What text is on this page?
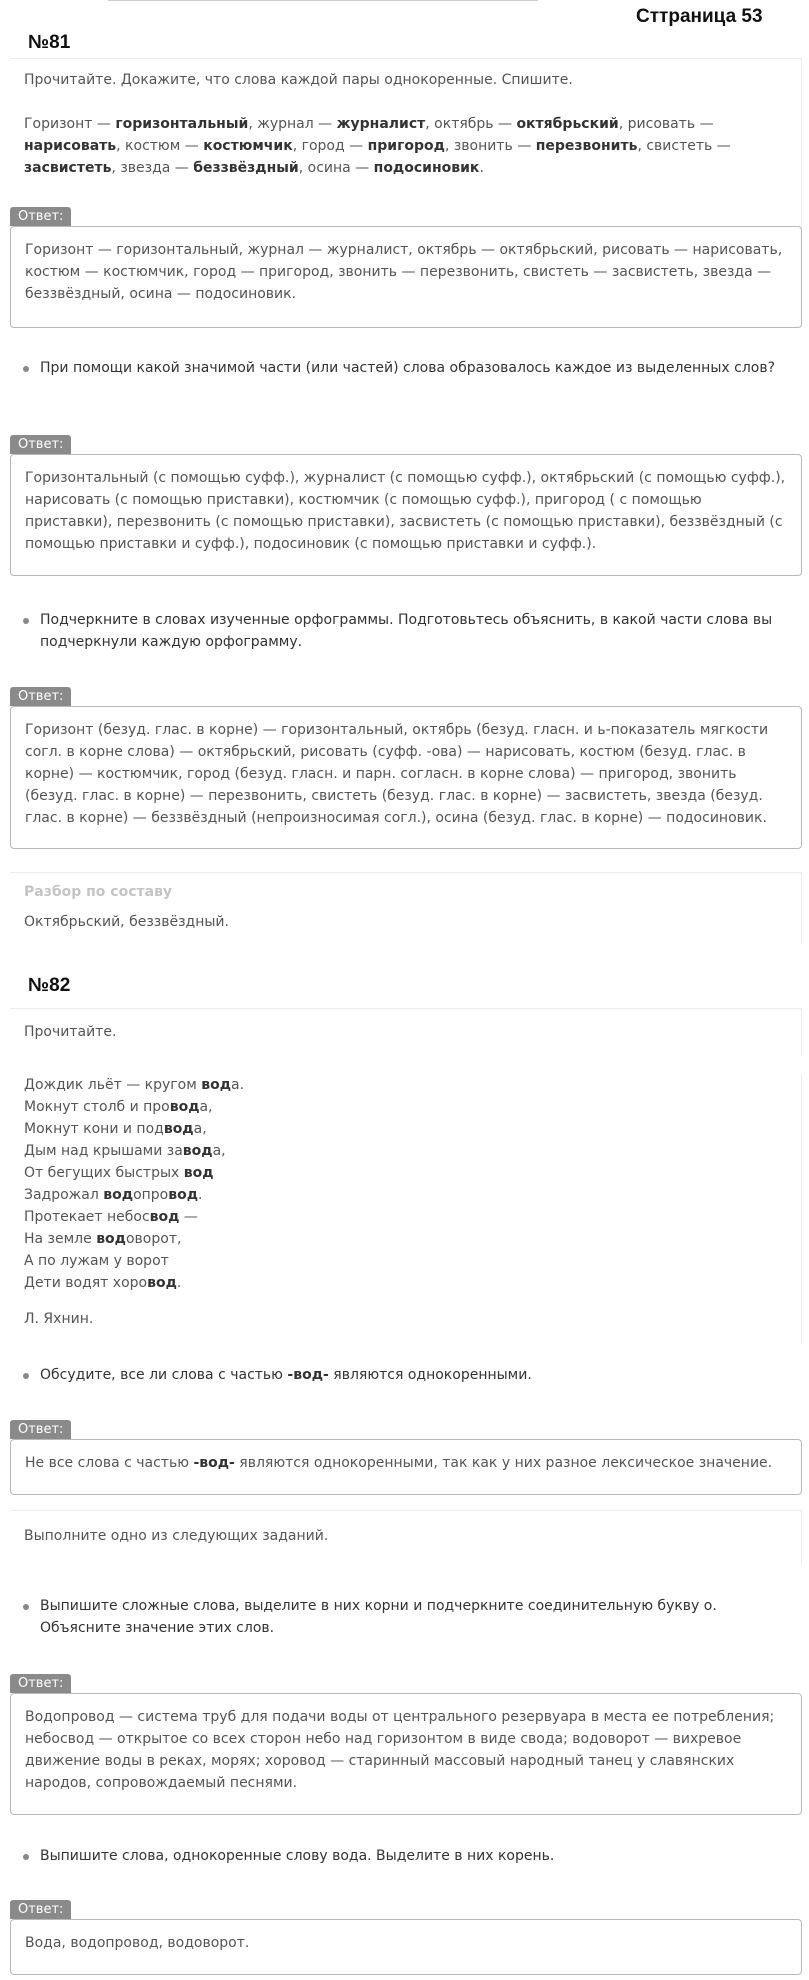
Сттраница 53
№81
Прочитайте. Докажите, что слова каждой пары однокоренные. Спишите.
Горизонт — горизонтальный, журнал — журналист, октябрь — октябрьский, рисовать — нарисовать, костюм — костюмчик, город — пригород, звонить — перезвонить, свистеть — засвистеть, звезда — беззвёздный, осина — подосиновик.
Ответ:
Горизонт — горизонтальный, журнал — журналист, октябрь — октябрьский, рисовать — нарисовать, костюм — костюмчик, город — пригород, звонить — перезвонить, свистеть — засвистеть, звезда — беззвёздный, осина — подосиновик.
При помощи какой значимой части (или частей) слова образовалось каждое из выделенных слов?
Ответ:
Горизонтальный (с помощью суфф.), журналист (с помощью суфф.), октябрьский (с помощью суфф.), нарисовать (с помощью приставки), костюмчик (с помощью суфф.), пригород ( с помощью приставки), перезвонить (с помощью приставки), засвистеть (с помощью приставки), беззвёздный (с помощью приставки и суфф.), подосиновик (с помощью приставки и суфф.).
Подчеркните в словах изученные орфограммы. Подготовьтесь объяснить, в какой части слова вы подчеркнули каждую орфограмму.
Ответ:
Горизонт (безуд. глас. в корне) — горизонтальный, октябрь (безуд. гласн. и ь-показатель мягкости согл. в корне слова) — октябрьский, рисовать (суфф. -ова) — нарисовать, костюм (безуд. глас. в корне) — костюмчик, город (безуд. гласн. и парн. согласн. в корне слова) — пригород, звонить (безуд. глас. в корне) — перезвонить, свистеть (безуд. глас. в корне) — засвистеть, звезда (безуд. глас. в корне) — беззвёздный (непроизносимая согл.), осина (безуд. глас. в корне) — подосиновик.
Разбор по составу
Октябрьский, беззвёздный.
№82
Прочитайте.
Дождик льёт — кругом вода.
Мокнут столб и провода,
Мокнут кони и подвода,
Дым над крышами завода,
От бегущих быстрых вод
Задрожал водопровод.
Протекает небосвод —
На земле водоворот,
А по лужам у ворот
Дети водят хоровод.
Л. Яхнин.
Обсудите, все ли слова с частью -вод- являются однокоренными.
Ответ:
Не все слова с частью -вод- являются однокоренными, так как у них разное лексическое значение.
Выполните одно из следующих заданий.
Выпишите сложные слова, выделите в них корни и подчеркните соединительную букву о. Объясните значение этих слов.
Ответ:
Водопровод — система труб для подачи воды от центрального резервуара в места ее потребления; небосвод — открытое со всех сторон небо над горизонтом в виде свода; водоворот — вихревое движение воды в реках, морях; хоровод — старинный массовый народный танец у славянских народов, сопровождаемый песнями.
Выпишите слова, однокоренные слову вода. Выделите в них корень.
Ответ:
Вода, водопровод, водоворот.
